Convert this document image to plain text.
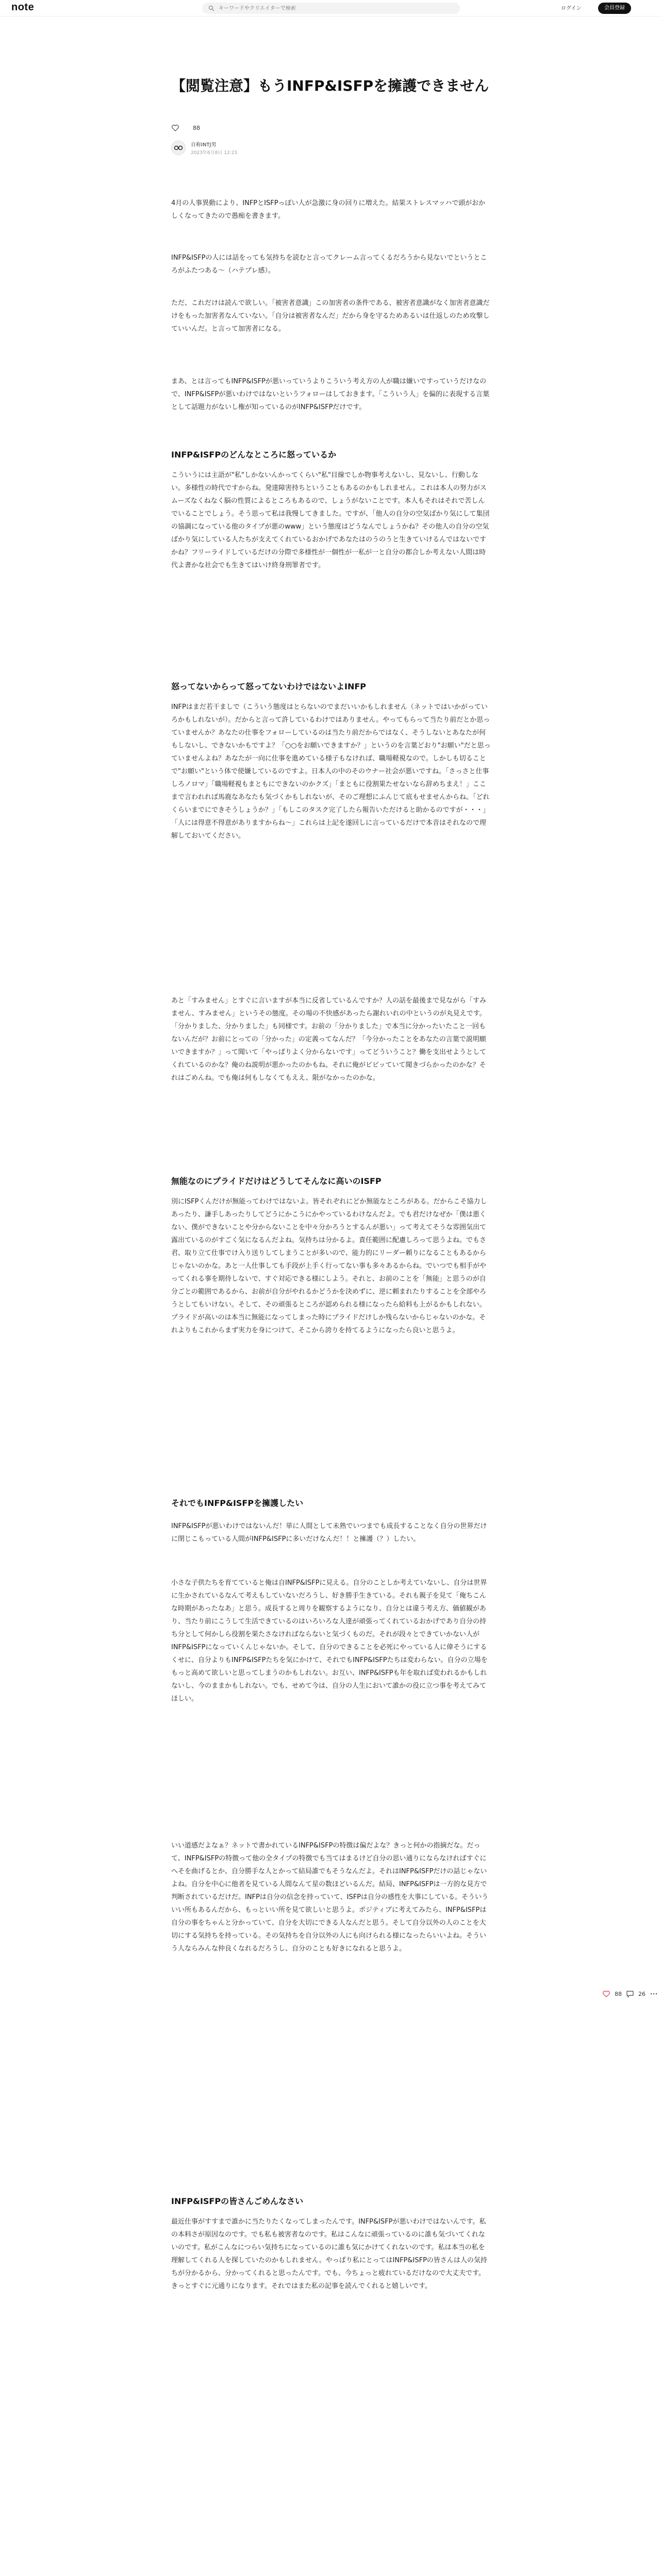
note
キーワードやクリエイターで検索	ログイン	会員登録
【閲覧注意】もうINFP&ISFPを擁護できません
88
自称INTJ男
2023年6月8日 12:23

4月の人事異動により、INFPとISFPっぽい人が急激に身の回りに増えた。結果ストレスマッハで頭がおかしくなってきたので愚痴を書きます。

INFP&ISFPの人には話をっても気持ちを読むと言ってクレーム言ってくるだろうから見ないでというところがふたつある～（ハテプレ感）。

ただ、これだけは読んで欲しい。「被害者意識」この加害者の条件である、被害者意識がなく加害者意識だけをもった加害者なんていない。「自分は被害者なんだ」だから身を守るためあるいは仕返しのため攻撃していいんだ。と言って加害者になる。

まあ、とは言ってもINFP&ISFPが悪いっていうよりこういう考え方の人が職は嫌いですっていうだけなので、INFP&ISFPが悪いわけではないというフォローはしておきます。「こういう人」を偏的に表現する言葉として話題力がないし権が知っているのがINFP&ISFPだけです。

INFP&ISFPのどんなところに怒っているか

こういうには主語が"私"しかないんかってくらい"私"目線でしか物事考えないし、見ないし、行動しない。多様性の時代ですからね。発達障害持ちということもあるのかもしれません。これは本人の努力がスムーズなくねなく脳の性質によるところもあるので、しょうがないことです。本人もそれはそれで苦しんでいることでしょう。そう思って私は我慢してきました。ですが、「他人の自分の空気ばかり気にして集団の協調になっている他のタイプが悪のwww」という態度はどうなんでしょうかね？その他人の自分の空気ばかり気にしている人たちが支えてくれているおかげであなたはのうのうと生きていけるんではないですかね？フリーライドしているだけの分際で多様性が一個性が一私が一と自分の都合しか考えない人間は時代よ書かな社会でも生きてはいけ終身刑罪者です。

怒ってないからって怒ってないわけではないよINFP

INFPはまだ若干ましで（こういう態度はとらないのでまだいいかもしれません（ネットではいかがっていろかもしれないが）。だからと言って許しているわけではありません。やってもらって当たり前だとか思っていませんか？あなたの仕事をフォローしているのは当たり前だからではなく、そうしないとあなたが何もしないし、できないかもですよ？「○○をお願いできますか？」というのを言葉どおり"お願い"だと思っていませんよね？あなたが一向に仕事を進めている様子もなければ、職場軽視なので。しかしも切ることで"お願い"という体で使嫌しているのですよ。日本人の中のそのウナー社会が悪いですね。「さっさと仕事しろノロマ」「職場軽視もまともにできないのかクズ」「まともに役割果たせないなら辞めちまえ！」ここまで言われれば馬鹿なあなたも気づくかもしれないが、そのご理想にふんじて底もせませんからね。「どれくらいまでにできそうしょうか？」「もしこのタスク完了したら報告いただけると助かるのですが・・・」「人には得意不得意がありますからね～」これらは上記を遂回しに言っているだけで本音はそれなので理解しておいてください。

あと「すみません」とすぐに言いますが本当に反省しているんですか？人の話を最後まで見ながら「すみません、すみません」というその態度。その場の不快感があったら謝れいれの中というのが丸見えです。「分かりました、分かりました」も同様です。お前の「分かりました」で本当に分かったいたこと一回もないんだが？お前にとっての「分かった」の定義ってなんだ？「今分かったことをあなたの言葉で説明願いできますか？」って聞いて「やっぱりよく分からないです」ってどういうこと？働を支出せようとしてくれているのかな？俺のね説明が悪かったのかもね。それに俺がビビッていて聞きづらかったのかな？それはごめんね。でも俺は何もしなくてもええ、限がなかったのかな。

無能なのにプライドだけはどうしてそんなに高いのISFP

別にISFPくんだけが無能ってわけではないよ。皆それぞれにどか無能なところがある。だからこそ協力しあったり、謙手しあったりしてどうにかこうにかやっているわけなんだよ。でも君だけなぜか「僕は悪くない、僕ができないことや分からないことを中々分かろうとするんが悪い」って考えてそうな雰囲気出て露出ているのがすごく気になるんだよね。気持ちは分かるよ。責任範囲に配慮しろって思うよね。でもさ君、取り立て仕事でけ入り送りしてしまうことが多いので、能力的にリーダー頼りになることもあるからじゃないのかな。あと一人仕事しても手段が上手く行ってない事も多々あるからね。でいつでも相手がやってくれる事を期待しないで、すぐ対応できる様にしよう。それと、お前のことを「無能」と思うのが自分ごとの範囲であるから、お前が自分がやれるかどうかを決めずに、逆に頼まれたりすることを全部やろうとしてもいけない。そして、その頑張るところが認められる様になったら給料も上がるかもしれない。プライドが高いのは本当に無能になってしまった時にプライドだけしか残らないからじゃないのかな。それよりもこれからまず実力を身につけて、そこから誇りを持てるようになったら良いと思うよ。

それでもINFP&ISFPを擁護したい

INFP&ISFPが悪いわけではないんだ！単に人間として未熟でいつまでも成長することなく自分の世界だけに閉じこもっている人間がINFP&ISFPに多いだけなんだ！！と擁護（？）したい。

小さな子供たちを育てていると俺は自INFP&ISFPに見える。自分のことしか考えていないし、自分は世界に生かされているなんて考えもしていないだろうし、好き勝手生きている。それも親子を見て「俺ちこんな時期があったなあ」と思う。成長すると周りを観察するようになり、自分とは違う考え方、価値観があり、当たり前にこうして生活できているのはいろいろな人達が頑張ってくれているおかげであり自分の持ち分として何かしら役割を果たさなければならないと気づくものだ。それが段々とできていかない人がINFP&ISFPになっていくんじゃないか。そして、自分のできることを必死にやっている人に偉そうにするくせに、自分よりもINFP&ISFPたちを気にかけて、それでもINFP&ISFPたちは変わらない。自分の立場をもっと高めて欲しいと思ってしまうのかもしれない。お互い、INFP&ISFPも年を取れば変われるかもしれないし、今のままかもしれない。でも、せめて今は、自分の人生において誰かの役に立つ事を考えてみてほしい。

いい道感だよなぁ？ネットで書かれているINFP&ISFPの特徴は偏だよな？きっと何かの指摘だな。だって、INFP&ISFPの特徴って他の全タイプの特徴でも当てはまるけど自分の思い通りにならなければすぐにへそを曲げるとか、自分勝手な人とかって結局誰でもそうなんだよ。それはINFP&ISFPだけの話じゃないよね。自分を中心に他者を見ている人間なんて星の数ほどいるんだ。結局、INFP&ISFPは一方的な見方で判断されているだけだ。INFPは自分の信念を持っていて、ISFPは自分の感性を大事にしている。そういういい所もあるんだから、もっといい所を見て欲しいと思うよ。ポジティブに考えてみたら、INFP&ISFPは自分の事をちゃんと分かっていて、自分を大切にできる人なんだと思う。そして自分以外の人のことを大切にする気持ちを持っている。その気持ちを自分以外の人にも向けられる様になったらいいよね。そういう人ならみんな仲良くなれるだろうし、自分のことも好きになれると思うよ。

INFP&ISFPの皆さんごめんなさい

最近仕事がすすまで誰かに当たりたくなってしまったんです。INFP&ISFPが悪いわけではないんです。私の本料さが原因なのです。でも私も被害者なのです。私はこんなに頑張っているのに誰も気づいてくれないのです。私がこんなにつらい気持ちになっているのに誰も気にかけてくれないのです。私は本当の私を理解してくれる人を探していたのかもしれません。やっぱり私にとってはINFP&ISFPの皆さんは人の気持ちが分かるから、分かってくれると思ったんです。でも、今ちょっと疲れているだけなので大丈夫です。きっとすぐに元通りになります。それではまた私の記事を読んでくれると嬉しいです。

88	26
